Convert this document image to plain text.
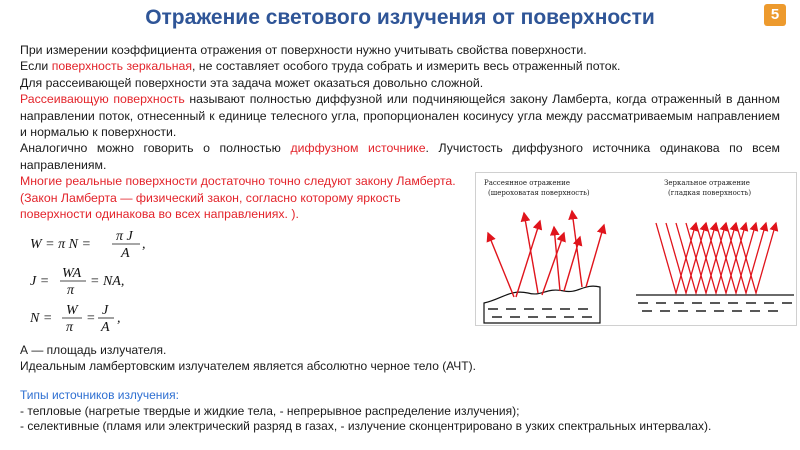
Отражение светового излучения от поверхности	5

При измерении коэффициента отражения от поверхности нужно учитывать свойства поверхности.

Если поверхность зеркальная, не составляет особого труда собрать и измерить весь отраженный поток.

Для рассеивающей поверхности эта задача может оказаться довольно сложной.

Рассеивающую поверхность называют полностью диффузной или подчиняющейся закону Ламберта, когда отраженный в данном направлении поток, отнесенный к единице телесного угла, пропорционален косинусу угла между рассматриваемым направлением и нормалью к поверхности.

Аналогично можно говорить о полностью диффузном источнике. Лучистость диффузного источника одинакова по всем направлениям.

Многие реальные поверхности достаточно точно следуют закону Ламберта.

(Закон Ламберта — физический закон, согласно которому яркость поверхности одинакова во всех направлениях. ).

W = π N =
π J
A
,
J =
WA
π
= NA,
N =
W
π
=
J
A
,
Рассеянное отражение
(шероховатая поверхность)
Зеркальное отражение
(гладкая поверхность)

А — площадь излучателя.

Идеальным ламбертовским излучателем является абсолютно черное тело (АЧТ).

Типы источников излучения:

- тепловые (нагретые твердые и жидкие тела, - непрерывное распределение излучения);

- селективные (пламя или электрический разряд в газах, - излучение сконцентрировано в узких спектральных интервалах).
